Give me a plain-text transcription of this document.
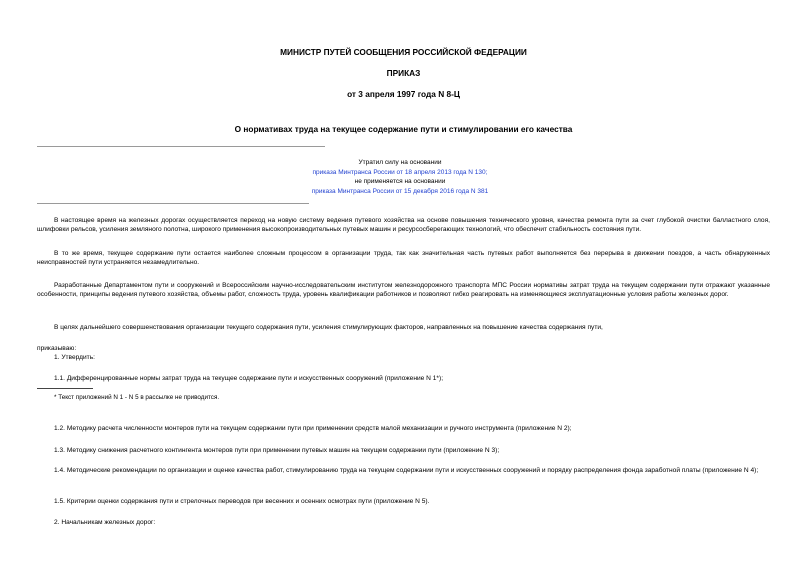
МИНИСТР ПУТЕЙ СООБЩЕНИЯ РОССИЙСКОЙ ФЕДЕРАЦИИ
ПРИКАЗ
от 3 апреля 1997 года N 8-Ц
О нормативах труда на текущее содержание пути и стимулировании его качества
Утратил силу на основании
приказа Минтранса России от 18 апреля 2013 года N 130;
не применяется на основании
приказа Минтранса России от 15 декабря 2016 года N 381
В настоящее время на железных дорогах осуществляется переход на новую систему ведения путевого хозяйства на основе повышения технического уровня, качества ремонта пути за счет глубокой очистки балластного слоя, шлифовки рельсов, усиления земляного полотна, широкого применения высокопроизводительных путевых машин и ресурсосберегающих технологий, что обеспечит стабильность состояния пути.
В то же время, текущее содержание пути остается наиболее сложным процессом в организации труда, так как значительная часть путевых работ выполняется без перерыва в движении поездов, а часть обнаруженных неисправностей пути устраняется незамедлительно.
Разработанные Департаментом пути и сооружений и Всероссийским научно-исследовательским институтом железнодорожного транспорта МПС России нормативы затрат труда на текущем содержании пути отражают указанные особенности, принципы ведения путевого хозяйства, объемы работ, сложность труда, уровень квалификации работников и позволяют гибко реагировать на изменяющиеся эксплуатационные условия работы железных дорог.
В целях дальнейшего совершенствования организации текущего содержания пути, усиления стимулирующих факторов, направленных на повышение качества содержания пути,
приказываю:
1. Утвердить:
1.1. Дифференцированные нормы затрат труда на текущее содержание пути и искусственных сооружений (приложение N 1*);
* Текст приложений N 1 - N 5 в рассылке не приводится.
1.2. Методику расчета численности монтеров пути на текущем содержании пути при применении средств малой механизации и ручного инструмента (приложение N 2);
1.3. Методику снижения расчетного контингента монтеров пути при применении путевых машин на текущем содержании пути (приложение N 3);
1.4. Методические рекомендации по организации и оценке качества работ, стимулированию труда на текущем содержании пути и искусственных сооружений и порядку распределения фонда заработной платы (приложение N 4);
1.5. Критерии оценки содержания пути и стрелочных переводов при весенних и осенних осмотрах пути (приложение N 5).
2. Начальникам железных дорог:
